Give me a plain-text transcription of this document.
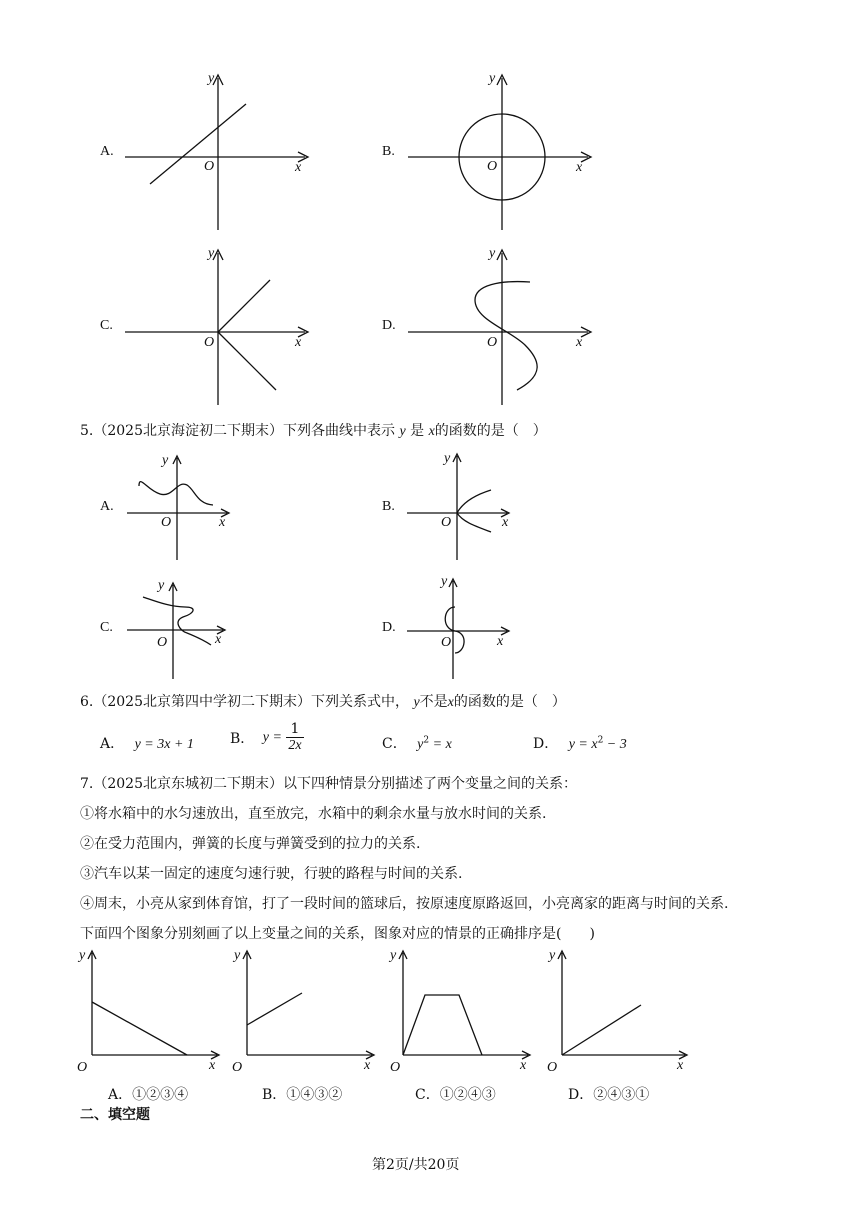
A.
y
x
O
B.
y
x
O
C.
y
x
O
D.
y
x
O
5.（2025北京海淀初二下期末）下列各曲线中表示 y 是 x的函数的是（　）
A.
y
x
O
B.
y
x
O
C.
y
x
O
D.
y
x
O
6.（2025北京第四中学初二下期末）下列关系式中， y不是x的函数的是（　）
A． y = 3x + 1	B． $y = \frac{1}{2x}$	C． $y^2 = x$	D． $y = x^2 - 3$
7.（2025北京东城初二下期末）以下四种情景分别描述了两个变量之间的关系：
①将水箱中的水匀速放出，直至放完，水箱中的剩余水量与放水时间的关系.
②在受力范围内，弹簧的长度与弹簧受到的拉力的关系.
③汽车以某一固定的速度匀速行驶，行驶的路程与时间的关系.
④周末，小亮从家到体育馆，打了一段时间的篮球后，按原速度原路返回，小亮离家的距离与时间的关系.
下面四个图象分别刻画了以上变量之间的关系，图象对应的情景的正确排序是(　　)
y
x
O
y
x
O
y
x
O
y
x
O
A．①②③④	B．①④③②	C．①②④③	D．②④③①
二、填空题
第2页/共20页
